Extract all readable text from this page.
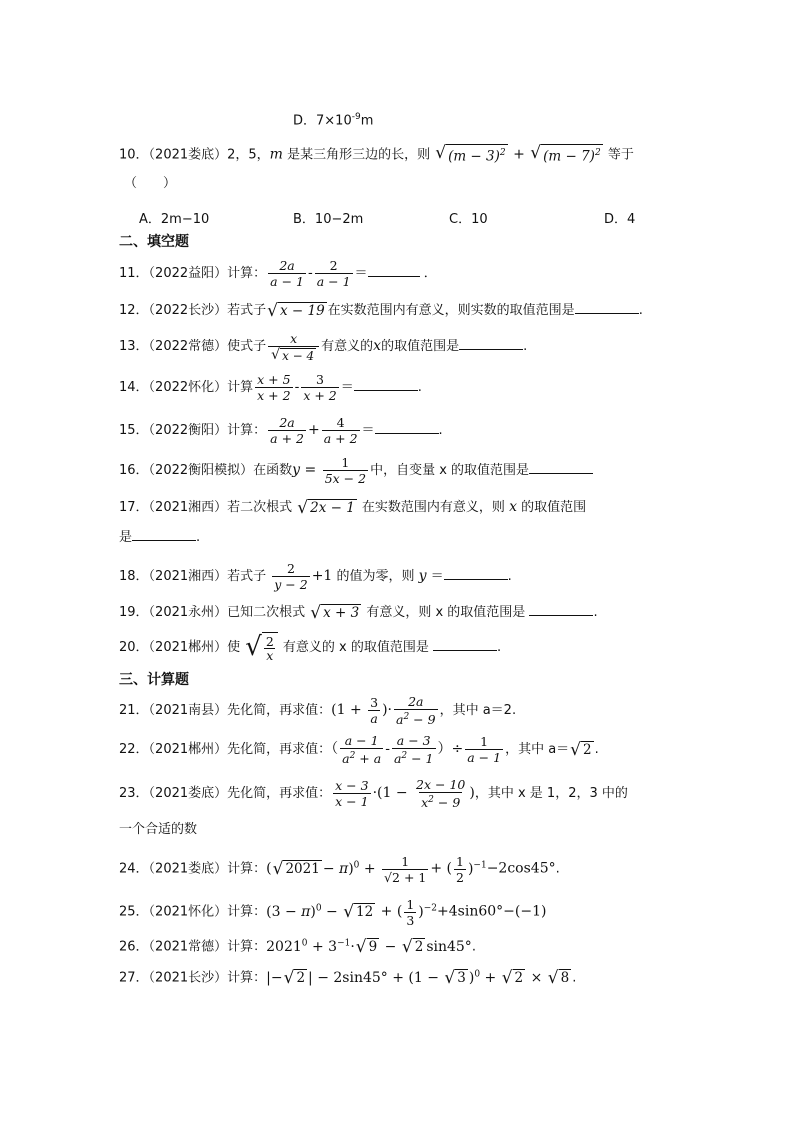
D．$7\times 10^{-9}m$
10．（2021娄底）2，5，m 是某三角形三边的长，则 √ $(m - 3)^2$ + √ $(m - 7)^2$ 等于
（　　）
A．2m−10	B．10−2m	C．10	D．4
二、填空题
11．（2022益阳）计算： $\frac{2a}{a - 1} - \frac{2}{a - 1}$ ＝	．
12．（2022长沙）若式子 √ x − 19 在实数范围内有意义，则实数的取值范围是	.
13．（2022常德）使式子 $\frac{x}{√ x - 4}$ 有意义的x的取值范围是	.
14．（2022怀化）计算 $\frac{x + 5}{x + 2} - \frac{3}{x + 2}$ ＝	.
15．（2022衡阳）计算： $\frac{2a}{a + 2} + \frac{4}{a + 2}$ ＝	.
16．（2022衡阳模拟）在函数$y = \frac{1}{5x - 2}$ 中，自变量 x 的取值范围是
17．（2021湘西）若二次根式 √ 2x − 1 在实数范围内有意义，则 x 的取值范围
是	.
18．（2021湘西）若式子 $\frac{2}{y - 2} +1$ 的值为零，则 y ＝	.
19．（2021永州）已知二次根式 √ x + 3 有意义，则 x 的取值范围是	.
20．（2021郴州）使 √ $\frac{2}{x}$ 有意义的 x 的取值范围是	.
三、计算题
21．（2021南县）先化简，再求值：($1 + \frac{3}{a}$ )· $\frac{2a}{a^2 - 9}$ ，其中 a＝2.
22．（2021郴州）先化简，再求值：（ $\frac{a - 1}{a^2 + a} - \frac{a - 3}{a^2 - 1}$ ）÷ $\frac{1}{a - 1}$ ，其中 a＝ √ 2 .
23．（2021娄底）先化简，再求值： $\frac{x - 3}{x - 1} \cdot(1 - \frac{2x - 10}{x^2 - 9}$ )，其中 x 是 1，2，3 中的
一个合适的数
24．（2021娄底）计算：( √ $2021 - \pi)^0 + \frac{1}{√2 + 1}$ + ( $\frac{1}{2} )^{-1}-2\cos 45^\circ$.
25．（2021怀化）计算：$(3 - \pi)^0$ − √ 12 + ( $\frac{1}{3} )^{-2}+4\sin 60^\circ-(-1)$
26．（2021常德）计算：$2021^0 + 3^{-1}\cdot$ √ 9 − √ 2 sin45°.
27．（2021长沙）计算：|− √ 2 | − 2sin45° + (1 − √ 3 )$^0$ + √ 2 × √ 8 .
